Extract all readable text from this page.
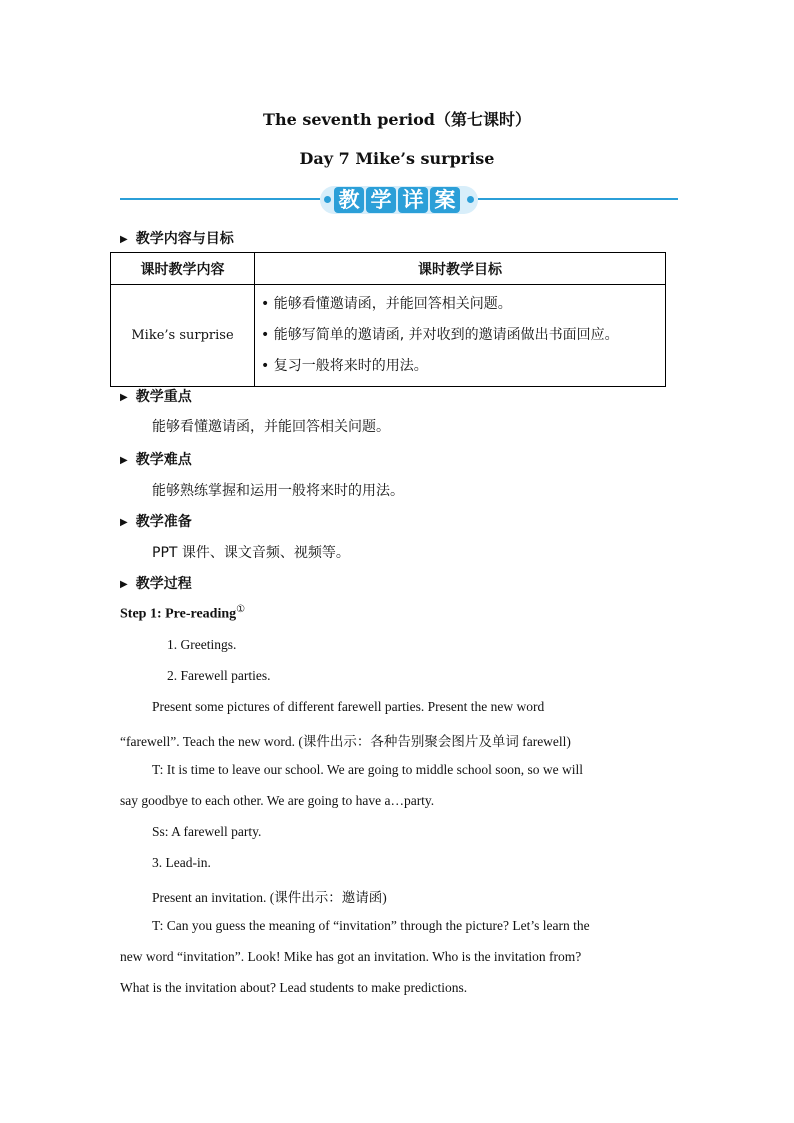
The seventh period（第七课时）
Day 7 Mike’s surprise
教 学 详 案
▶ 教学内容与目标
课时教学内容	课时教学目标
Mike’s surprise	• 能够看懂邀请函，并能回答相关问题。
• 能够写简单的邀请函, 并对收到的邀请函做出书面回应。
• 复习一般将来时的用法。
▶ 教学重点
能够看懂邀请函，并能回答相关问题。
▶ 教学难点
能够熟练掌握和运用一般将来时的用法。
▶ 教学准备
PPT 课件、课文音频、视频等。
▶ 教学过程
Step 1: Pre-reading①
1. Greetings.
2. Farewell parties.
Present some pictures of different farewell parties. Present the new word
“farewell”. Teach the new word. (课件出示：各种告别聚会图片及单词 farewell)
T: It is time to leave our school. We are going to middle school soon, so we will
say goodbye to each other. We are going to have a…party.
Ss: A farewell party.
3. Lead-in.
Present an invitation. (课件出示：邀请函)
T: Can you guess the meaning of “invitation” through the picture? Let’s learn the
new word “invitation”. Look! Mike has got an invitation. Who is the invitation from?
What is the invitation about? Lead students to make predictions.
